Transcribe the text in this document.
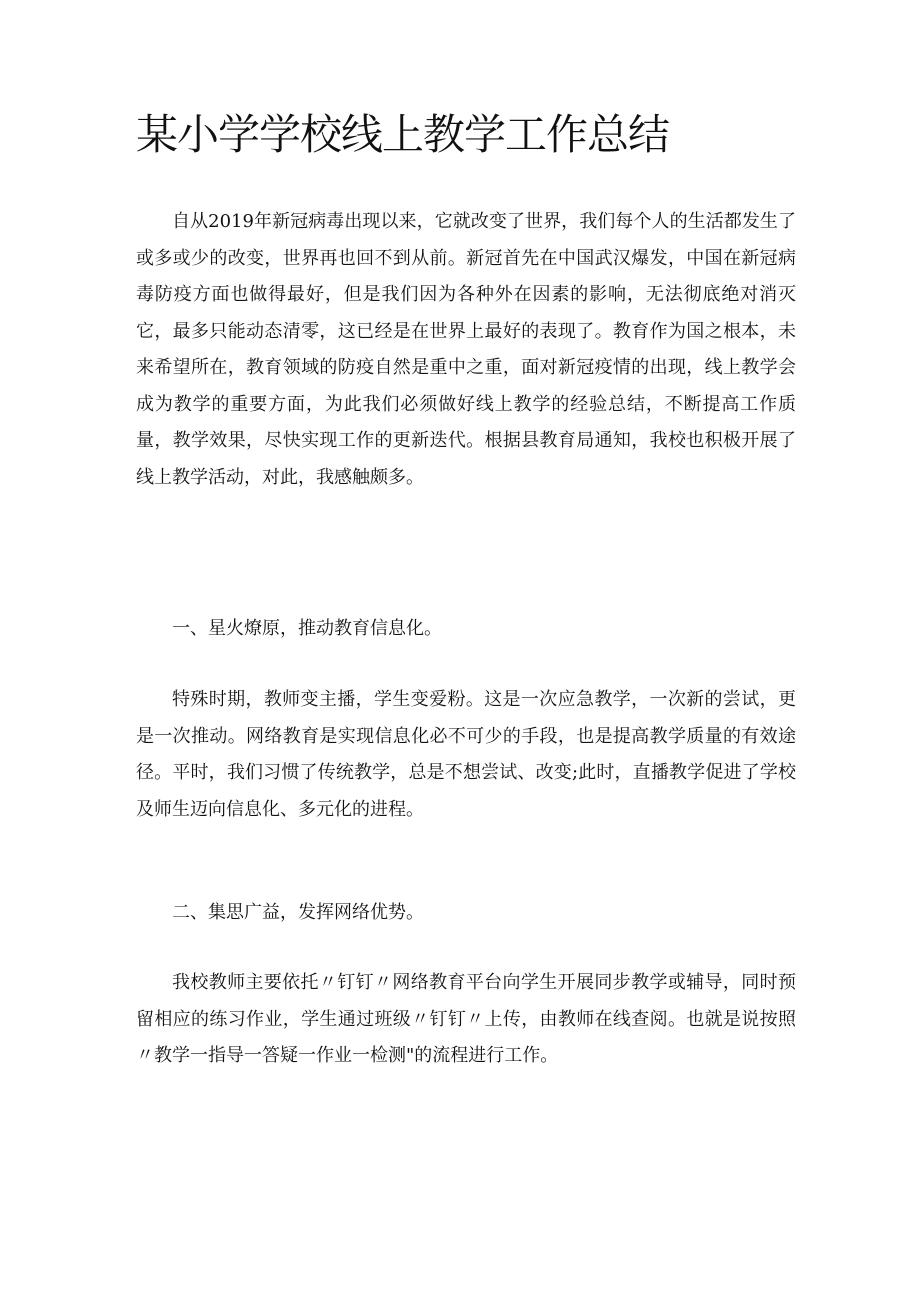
某小学学校线上教学工作总结

自从2019年新冠病毒出现以来，它就改变了世界，我们每个人的生活都发生了或多或少的改变，世界再也回不到从前。新冠首先在中国武汉爆发，中国在新冠病毒防疫方面也做得最好，但是我们因为各种外在因素的影响，无法彻底绝对消灭它，最多只能动态清零，这已经是在世界上最好的表现了。教育作为国之根本，未来希望所在，教育领域的防疫自然是重中之重，面对新冠疫情的出现，线上教学会成为教学的重要方面，为此我们必须做好线上教学的经验总结，不断提高工作质量，教学效果，尽快实现工作的更新迭代。根据县教育局通知，我校也积极开展了线上教学活动，对此，我感触颇多。

一、星火燎原，推动教育信息化。

特殊时期，教师变主播，学生变爱粉。这是一次应急教学，一次新的尝试，更是一次推动。网络教育是实现信息化必不可少的手段，也是提高教学质量的有效途径。平时，我们习惯了传统教学，总是不想尝试、改变;此时，直播教学促进了学校及师生迈向信息化、多元化的进程。

二、集思广益，发挥网络优势。

我校教师主要依托〃钉钉〃网络教育平台向学生开展同步教学或辅导，同时预留相应的练习作业，学生通过班级〃钉钉〃上传，由教师在线查阅。也就是说按照〃教学一指导一答疑一作业一检测"的流程进行工作。
